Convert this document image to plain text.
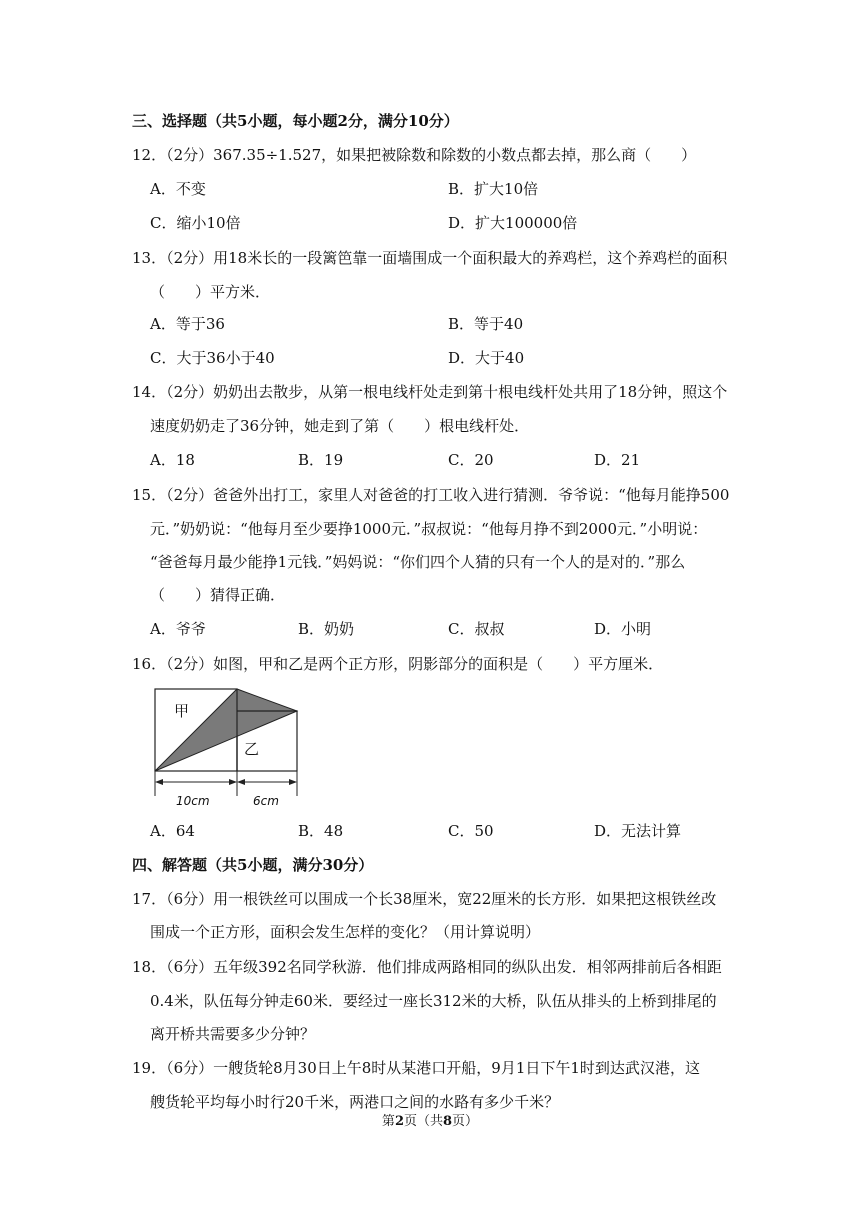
三、选择题（共5小题，每小题2分，满分10分）
12．（2分）367.35÷1.527，如果把被除数和除数的小数点都去掉，那么商（　　）
A．不变	B．扩大10倍
C．缩小10倍	D．扩大100000倍
13．（2分）用18米长的一段篱笆靠一面墙围成一个面积最大的养鸡栏，这个养鸡栏的面积
（　　）平方米．
A．等于36	B．等于40
C．大于36小于40	D．大于40
14．（2分）奶奶出去散步，从第一根电线杆处走到第十根电线杆处共用了18分钟，照这个
速度奶奶走了36分钟，她走到了第（　　）根电线杆处．
A．18	B．19	C．20	D．21
15．（2分）爸爸外出打工，家里人对爸爸的打工收入进行猜测．爷爷说：“他每月能挣500
元．”奶奶说：“他每月至少要挣1000元．”叔叔说：“他每月挣不到2000元．”小明说：
“爸爸每月最少能挣1元钱．”妈妈说：“你们四个人猜的只有一个人的是对的．”那么
（　　）猜得正确．
A．爷爷	B．奶奶	C．叔叔	D．小明
16．（2分）如图，甲和乙是两个正方形，阴影部分的面积是（　　）平方厘米．
甲
乙
10cm	6cm
A．64	B．48	C．50	D．无法计算
四、解答题（共5小题，满分30分）
17．（6分）用一根铁丝可以围成一个长38厘米，宽22厘米的长方形．如果把这根铁丝改
围成一个正方形，面积会发生怎样的变化？（用计算说明）
18．（6分）五年级392名同学秋游．他们排成两路相同的纵队出发．相邻两排前后各相距
0.4米，队伍每分钟走60米．要经过一座长312米的大桥，队伍从排头的上桥到排尾的
离开桥共需要多少分钟？
19．（6分）一艘货轮8月30日上午8时从某港口开船，9月1日下午1时到达武汉港，这
艘货轮平均每小时行20千米，两港口之间的水路有多少千米？
第2页（共8页）
